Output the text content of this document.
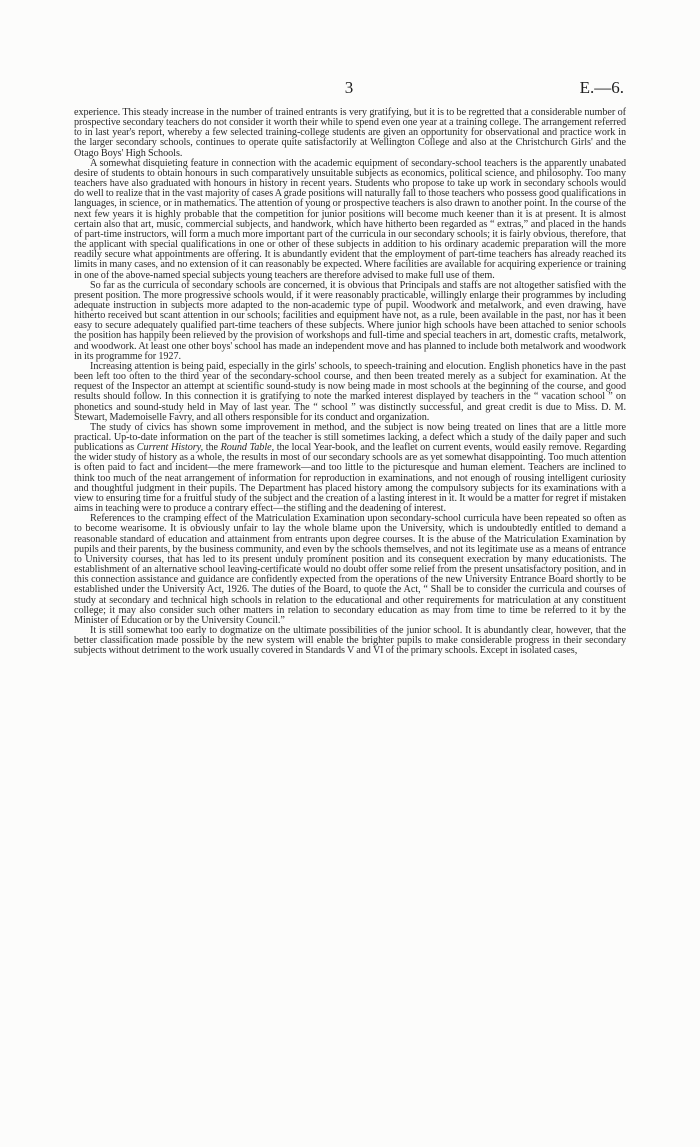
3	E.—6.

experience. This steady increase in the number of trained entrants is very gratifying, but it is to be regretted that a considerable number of prospective secondary teachers do not consider it worth their while to spend even one year at a training college. The arrangement referred to in last year's report, whereby a few selected training-college students are given an opportunity for observational and practice work in the larger secondary schools, continues to operate quite satisfactorily at Wellington College and also at the Christchurch Girls' and the Otago Boys' High Schools.

A somewhat disquieting feature in connection with the academic equipment of secondary-school teachers is the apparently unabated desire of students to obtain honours in such comparatively unsuitable subjects as economics, political science, and philosophy. Too many teachers have also graduated with honours in history in recent years. Students who propose to take up work in secondary schools would do well to realize that in the vast majority of cases A grade positions will naturally fall to those teachers who possess good qualifications in languages, in science, or in mathematics. The attention of young or prospective teachers is also drawn to another point. In the course of the next few years it is highly probable that the competition for junior positions will become much keener than it is at present. It is almost certain also that art, music, commercial subjects, and handwork, which have hitherto been regarded as “ extras,” and placed in the hands of part-time instructors, will form a much more important part of the curricula in our secondary schools; it is fairly obvious, therefore, that the applicant with special qualifications in one or other of these subjects in addition to his ordinary academic preparation will the more readily secure what appointments are offering. It is abundantly evident that the employment of part-time teachers has already reached its limits in many cases, and no extension of it can reasonably be expected. Where facilities are available for acquiring experience or training in one of the above-named special subjects young teachers are therefore advised to make full use of them.

So far as the curricula of secondary schools are concerned, it is obvious that Principals and staffs are not altogether satisfied with the present position. The more progressive schools would, if it were reasonably practicable, willingly enlarge their programmes by including adequate instruction in subjects more adapted to the non-academic type of pupil. Woodwork and metalwork, and even drawing, have hitherto received but scant attention in our schools; facilities and equipment have not, as a rule, been available in the past, nor has it been easy to secure adequately qualified part-time teachers of these subjects. Where junior high schools have been attached to senior schools the position has happily been relieved by the provision of workshops and full-time and special teachers in art, domestic crafts, metalwork, and woodwork. At least one other boys' school has made an independent move and has planned to include both metalwork and woodwork in its programme for 1927.

Increasing attention is being paid, especially in the girls' schools, to speech-training and elocution. English phonetics have in the past been left too often to the third year of the secondary-school course, and then been treated merely as a subject for examination. At the request of the Inspector an attempt at scientific sound-study is now being made in most schools at the beginning of the course, and good results should follow. In this connection it is gratifying to note the marked interest displayed by teachers in the “ vacation school ” on phonetics and sound-study held in May of last year. The “ school ” was distinctly successful, and great credit is due to Miss. D. M. Stewart, Mademoiselle Favry, and all others responsible for its conduct and organization.

The study of civics has shown some improvement in method, and the subject is now being treated on lines that are a little more practical. Up-to-date information on the part of the teacher is still sometimes lacking, a defect which a study of the daily paper and such publications as Current History, the Round Table, the local Year-book, and the leaflet on current events, would easily remove. Regarding the wider study of history as a whole, the results in most of our secondary schools are as yet somewhat disappointing. Too much attention is often paid to fact and incident—the mere framework—and too little to the picturesque and human element. Teachers are inclined to think too much of the neat arrangement of information for reproduction in examinations, and not enough of rousing intelligent curiosity and thoughtful judgment in their pupils. The Department has placed history among the compulsory subjects for its examinations with a view to ensuring time for a fruitful study of the subject and the creation of a lasting interest in it. It would be a matter for regret if mistaken aims in teaching were to produce a contrary effect—the stifling and the deadening of interest.

References to the cramping effect of the Matriculation Examination upon secondary-school curricula have been repeated so often as to become wearisome. It is obviously unfair to lay the whole blame upon the University, which is undoubtedly entitled to demand a reasonable standard of education and attainment from entrants upon degree courses. It is the abuse of the Matriculation Examination by pupils and their parents, by the business community, and even by the schools themselves, and not its legitimate use as a means of entrance to University courses, that has led to its present unduly prominent position and its consequent execration by many educationists. The establishment of an alternative school leaving-certificate would no doubt offer some relief from the present unsatisfactory position, and in this connection assistance and guidance are confidently expected from the operations of the new University Entrance Board shortly to be established under the University Act, 1926. The duties of the Board, to quote the Act, “ Shall be to consider the curricula and courses of study at secondary and technical high schools in relation to the educational and other requirements for matriculation at any constituent college; it may also consider such other matters in relation to secondary education as may from time to time be referred to it by the Minister of Education or by the University Council.”

It is still somewhat too early to dogmatize on the ultimate possibilities of the junior school. It is abundantly clear, however, that the better classification made possible by the new system will enable the brighter pupils to make considerable progress in their secondary subjects without detriment to the work usually covered in Standards V and VI of the primary schools. Except in isolated cases,
